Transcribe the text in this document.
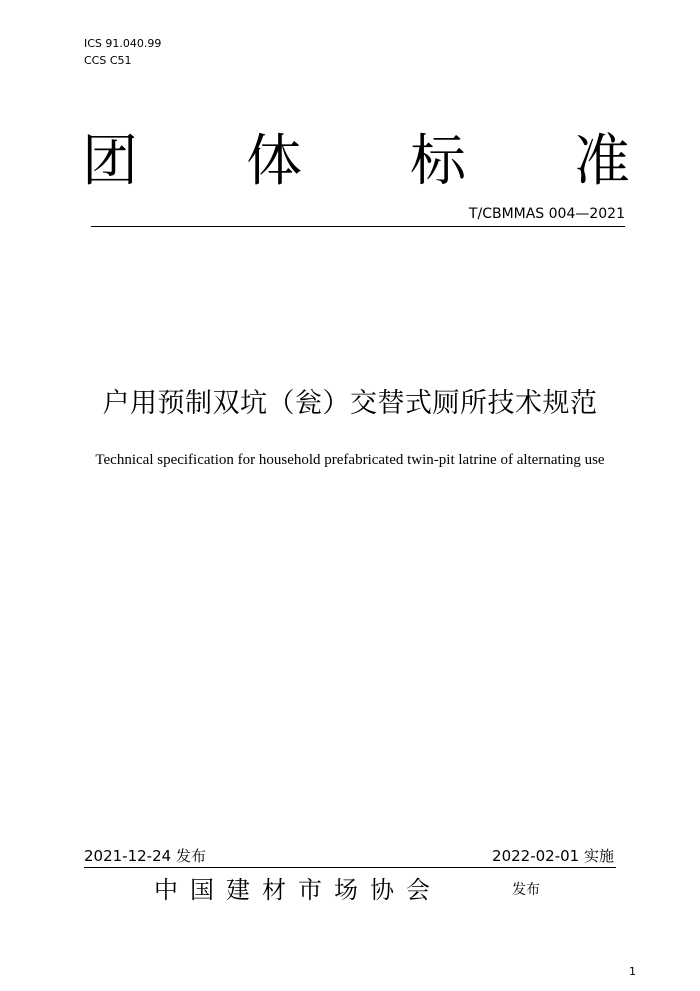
ICS 91.040.99
CCS C51
团 体 标 准
T/CBMMAS 004—2021
户用预制双坑（瓮）交替式厕所技术规范
Technical specification for household prefabricated twin-pit latrine of alternating use
2021-12-24 发布	2022-02-01 实施
中国建材市场协会	发布
1
